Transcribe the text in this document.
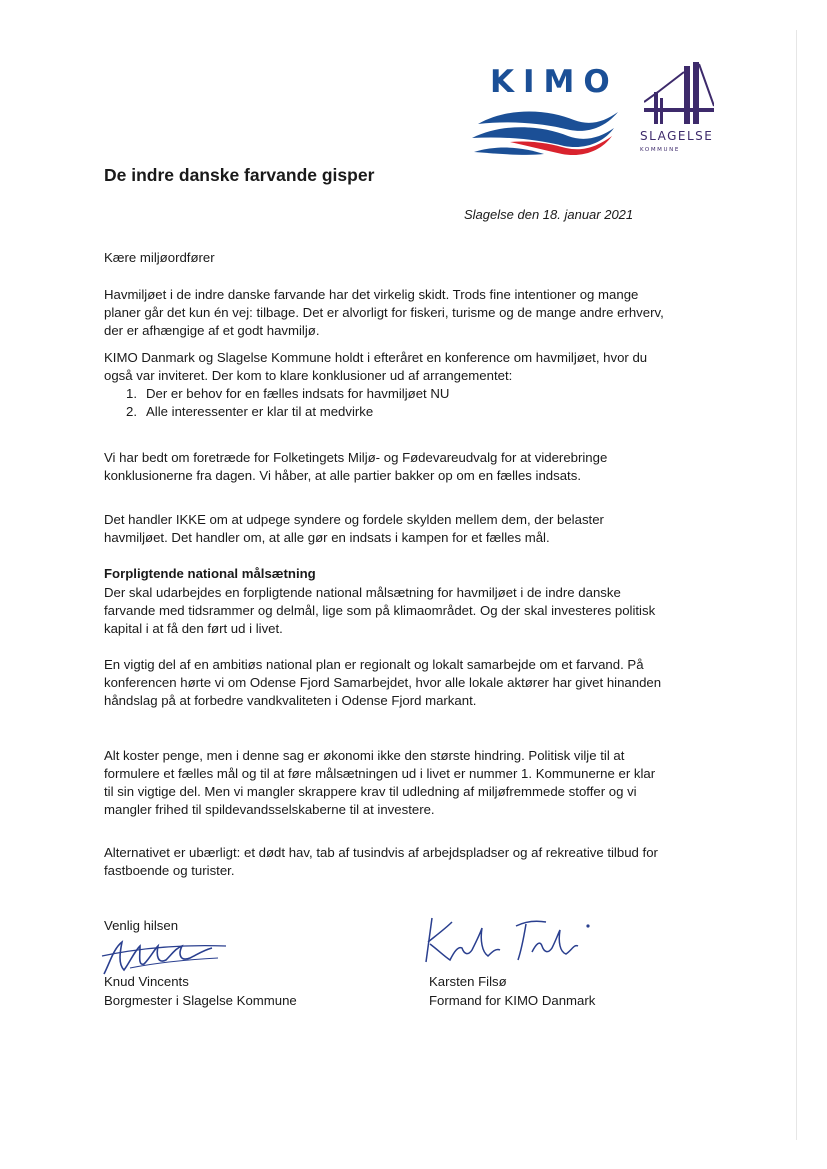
KIMO
SLAGELSE
KOMMUNE
De indre danske farvande gisper
Slagelse den 18. januar 2021

Kære miljøordfører

Havmiljøet i de indre danske farvande har det virkelig skidt. Trods fine intentioner og mange planer går det kun én vej: tilbage. Det er alvorligt for fiskeri, turisme og de mange andre erhverv, der er afhængige af et godt havmiljø.

KIMO Danmark og Slagelse Kommune holdt i efteråret en konference om havmiljøet, hvor du også var inviteret. Der kom to klare konklusioner ud af arrangementet:

1. Der er behov for en fælles indsats for havmiljøet NU
2. Alle interessenter er klar til at medvirke

Vi har bedt om foretræde for Folketingets Miljø- og Fødevareudvalg for at viderebringe konklusionerne fra dagen. Vi håber, at alle partier bakker op om en fælles indsats.

Det handler IKKE om at udpege syndere og fordele skylden mellem dem, der belaster havmiljøet. Det handler om, at alle gør en indsats i kampen for et fælles mål.

Forpligtende national målsætning

Der skal udarbejdes en forpligtende national målsætning for havmiljøet i de indre danske farvande med tidsrammer og delmål, lige som på klimaområdet. Og der skal investeres politisk kapital i at få den ført ud i livet.

En vigtig del af en ambitiøs national plan er regionalt og lokalt samarbejde om et farvand. På konferencen hørte vi om Odense Fjord Samarbejdet, hvor alle lokale aktører har givet hinanden håndslag på at forbedre vandkvaliteten i Odense Fjord markant.

Alt koster penge, men i denne sag er økonomi ikke den største hindring. Politisk vilje til at formulere et fælles mål og til at føre målsætningen ud i livet er nummer 1. Kommunerne er klar til sin vigtige del. Men vi mangler skrappere krav til udledning af miljøfremmede stoffer og vi mangler frihed til spildevandsselskaberne til at investere.

Alternativet er ubærligt: et dødt hav, tab af tusindvis af arbejdspladser og af rekreative tilbud for fastboende og turister.

Venlig hilsen
Knud Vincents
Borgmester i Slagelse Kommune
Karsten Filsø
Formand for KIMO Danmark
